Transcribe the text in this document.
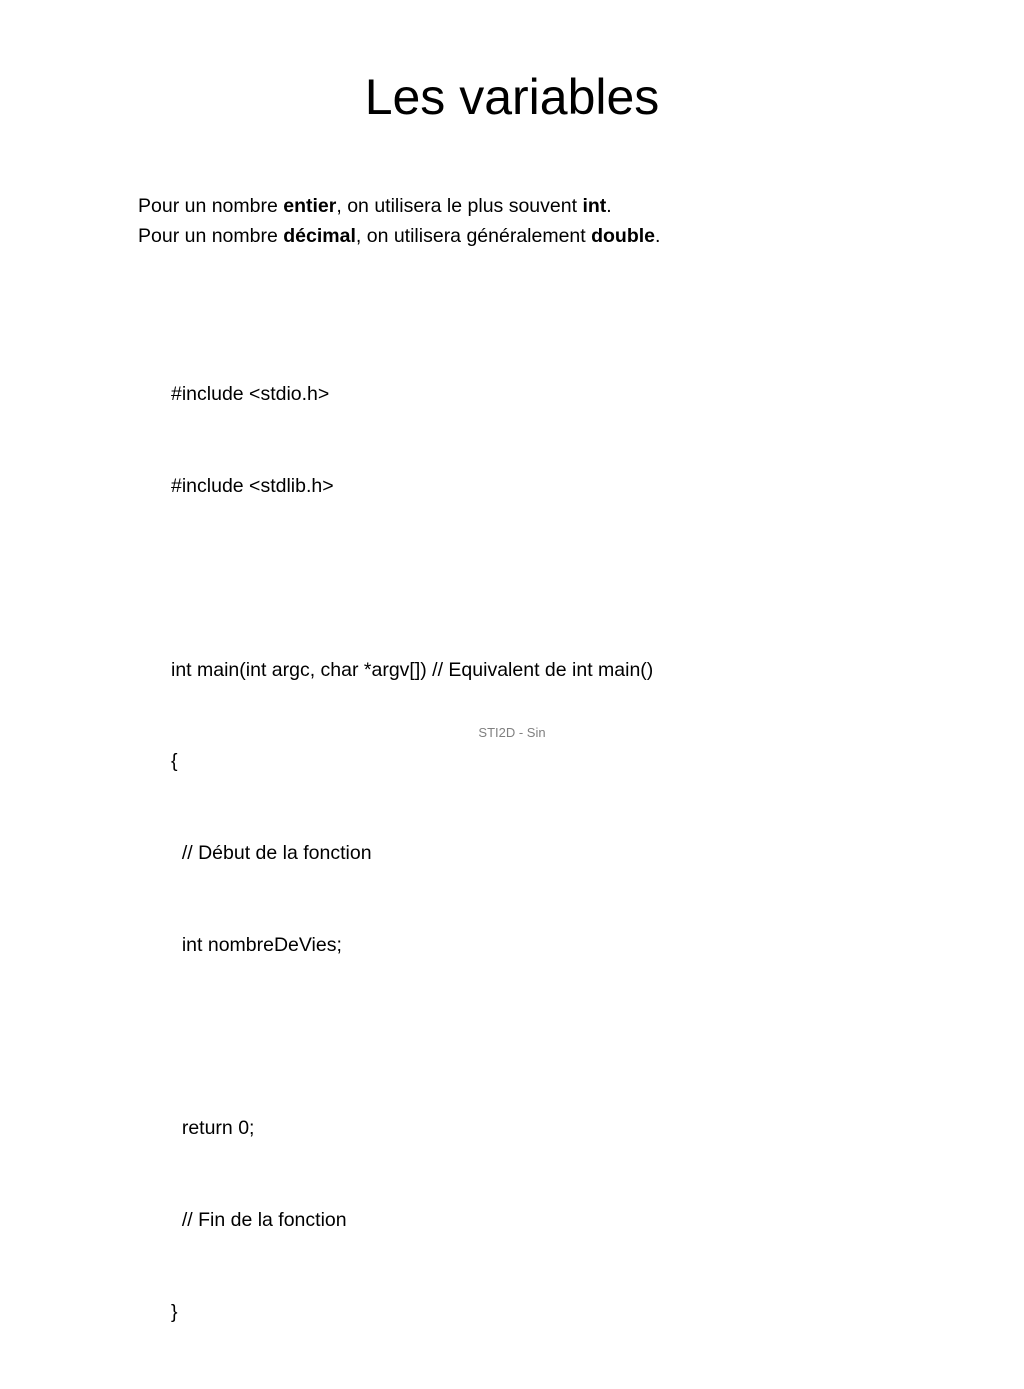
Les variables
Pour un nombre entier, on utilisera le plus souvent int.
Pour un nombre décimal, on utilisera généralement double.

#include <stdio.h>

#include <stdlib.h>

int main(int argc, char *argv[]) // Equivalent de int main()

{

// Début de la fonction

int nombreDeVies;

return 0;

// Fin de la fonction

}

STI2D - Sin
